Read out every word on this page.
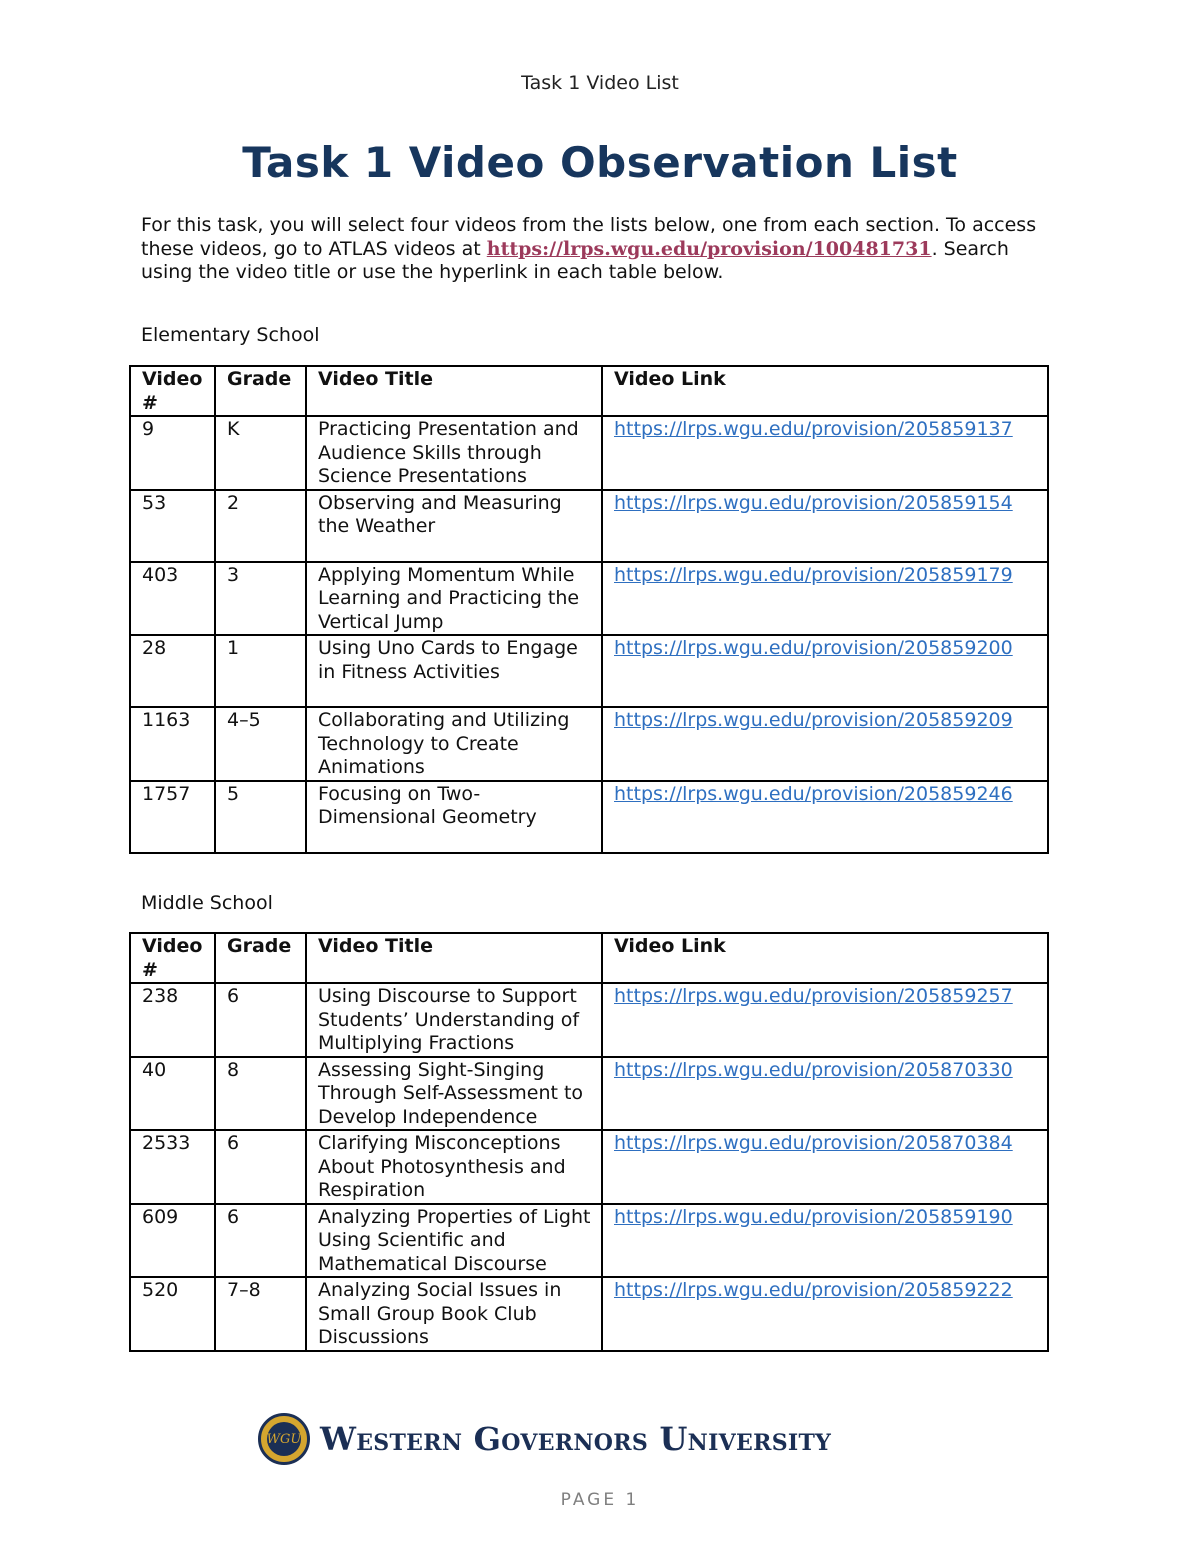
Task 1 Video List
Task 1 Video Observation List
For this task, you will select four videos from the lists below, one from each section. To access these videos, go to ATLAS videos at https://lrps.wgu.edu/provision/100481731. Search using the video title or use the hyperlink in each table below.
Elementary School
Video #	Grade	Video Title	Video Link
9	K	Practicing Presentation and Audience Skills through Science Presentations	https://lrps.wgu.edu/provision/205859137
53	2	Observing and Measuring the Weather	https://lrps.wgu.edu/provision/205859154
403	3	Applying Momentum While Learning and Practicing the Vertical Jump	https://lrps.wgu.edu/provision/205859179
28	1	Using Uno Cards to Engage in Fitness Activities	https://lrps.wgu.edu/provision/205859200
1163	4–5	Collaborating and Utilizing Technology to Create Animations	https://lrps.wgu.edu/provision/205859209
1757	5	Focusing on Two-Dimensional Geometry	https://lrps.wgu.edu/provision/205859246
Middle School
Video #	Grade	Video Title	Video Link
238	6	Using Discourse to Support Students’ Understanding of Multiplying Fractions	https://lrps.wgu.edu/provision/205859257
40	8	Assessing Sight-Singing Through Self-Assessment to Develop Independence	https://lrps.wgu.edu/provision/205870330
2533	6	Clarifying Misconceptions About Photosynthesis and Respiration	https://lrps.wgu.edu/provision/205870384
609	6	Analyzing Properties of Light Using Scientific and Mathematical Discourse	https://lrps.wgu.edu/provision/205859190
520	7–8	Analyzing Social Issues in Small Group Book Club Discussions	https://lrps.wgu.edu/provision/205859222
WGU Western Governors University
PAGE 1
